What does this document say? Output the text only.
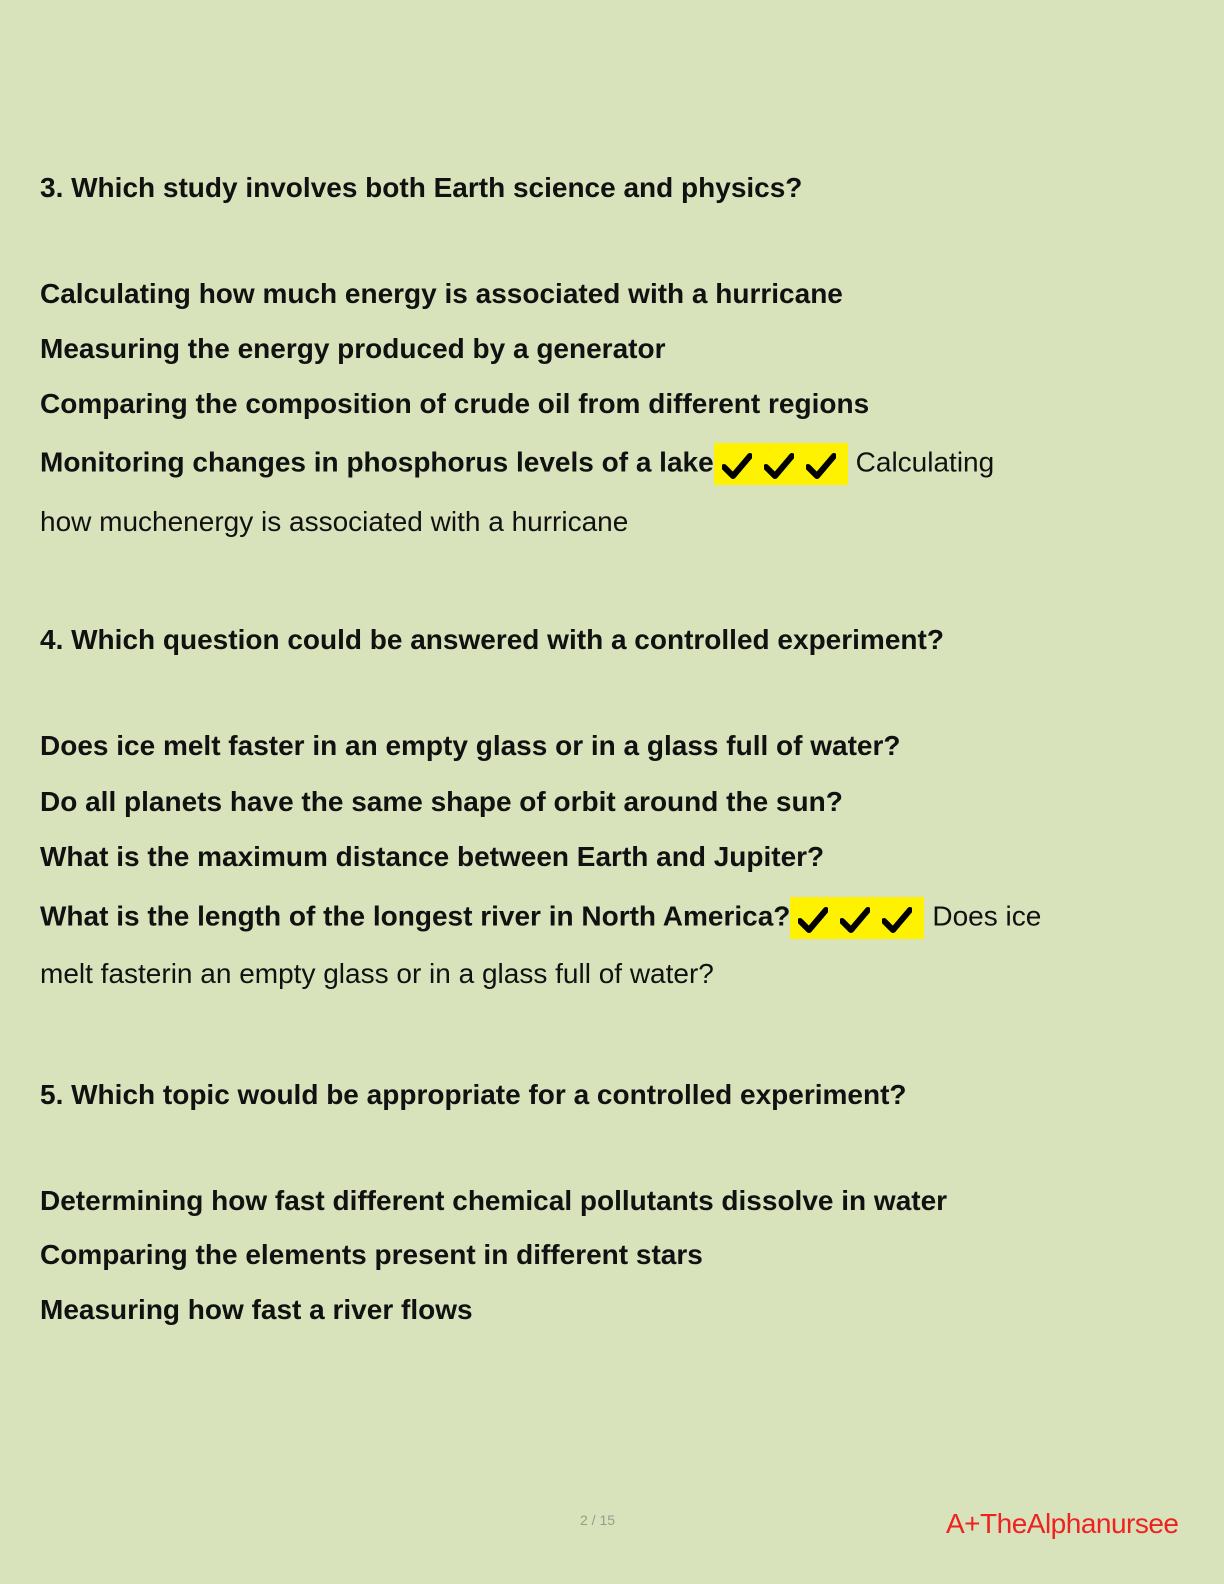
3. Which study involves both Earth science and physics?

Calculating how much energy is associated with a hurricane

Measuring the energy produced by a generator

Comparing the composition of crude oil from different regions

Monitoring changes in phosphorus levels of a lake	Calculating

how muchenergy is associated with a hurricane

4. Which question could be answered with a controlled experiment?

Does ice melt faster in an empty glass or in a glass full of water?

Do all planets have the same shape of orbit around the sun?

What is the maximum distance between Earth and Jupiter?

What is the length of the longest river in North America?	Does ice

melt fasterin an empty glass or in a glass full of water?

5. Which topic would be appropriate for a controlled experiment?

Determining how fast different chemical pollutants dissolve in water

Comparing the elements present in different stars

Measuring how fast a river flows

2 / 15	A+TheAlphanursee
